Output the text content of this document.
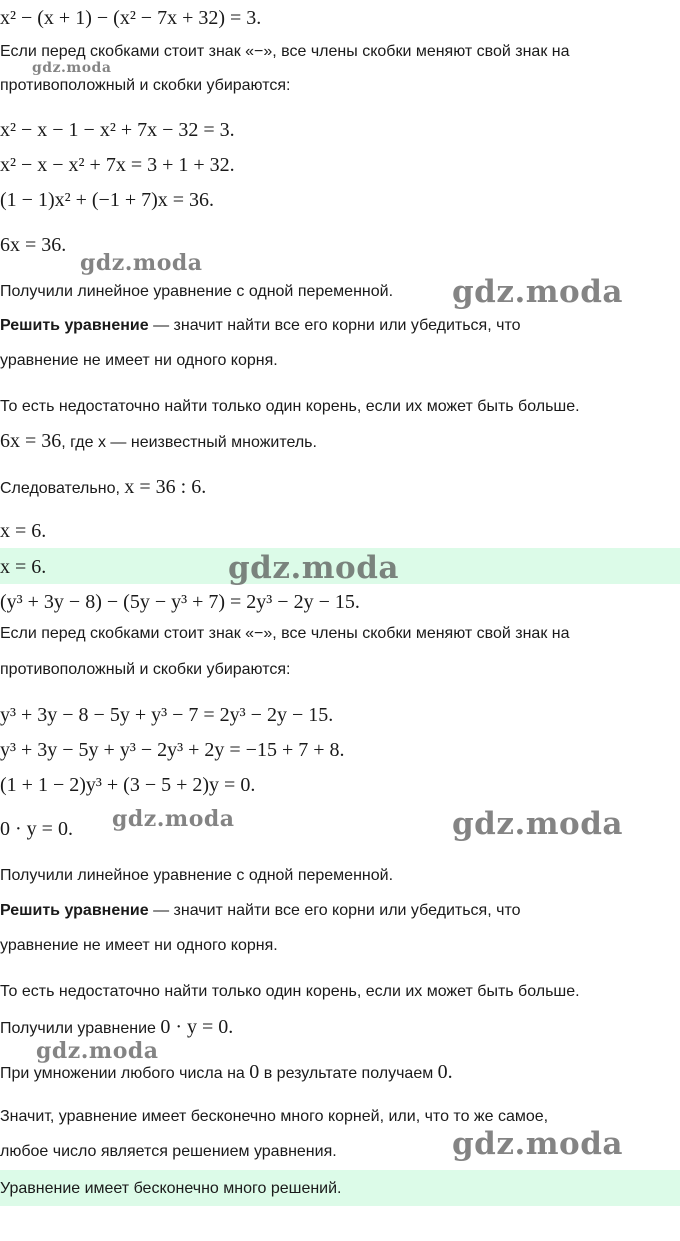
x² − (x + 1) − (x² − 7x + 32) = 3.
Если перед скобками стоит знак «−», все члены скобки меняют свой знак на
противоположный и скобки убираются:
x² − x − 1 − x² + 7x − 32 = 3.
x² − x − x² + 7x = 3 + 1 + 32.
(1 − 1)x² + (−1 + 7)x = 36.
6x = 36.
Получили линейное уравнение с одной переменной.
Решить уравнение — значит найти все его корни или убедиться, что
уравнение не имеет ни одного корня.
То есть недостаточно найти только один корень, если их может быть больше.
6x = 36, где x — неизвестный множитель.
Следовательно, x = 36 : 6.
x = 6.
x = 6.
(y³ + 3y − 8) − (5y − y³ + 7) = 2y³ − 2y − 15.
Если перед скобками стоит знак «−», все члены скобки меняют свой знак на
противоположный и скобки убираются:
y³ + 3y − 8 − 5y + y³ − 7 = 2y³ − 2y − 15.
y³ + 3y − 5y + y³ − 2y³ + 2y = −15 + 7 + 8.
(1 + 1 − 2)y³ + (3 − 5 + 2)y = 0.
0 · y = 0.
Получили линейное уравнение с одной переменной.
Решить уравнение — значит найти все его корни или убедиться, что
уравнение не имеет ни одного корня.
То есть недостаточно найти только один корень, если их может быть больше.
Получили уравнение 0 · y = 0.
При умножении любого числа на 0 в результате получаем 0.
Значит, уравнение имеет бесконечно много корней, или, что то же самое,
любое число является решением уравнения.
Уравнение имеет бесконечно много решений.
gdz.moda
gdz.moda
gdz.moda
gdz.moda
gdz.moda	gdz.moda
gdz.moda
gdz.moda
